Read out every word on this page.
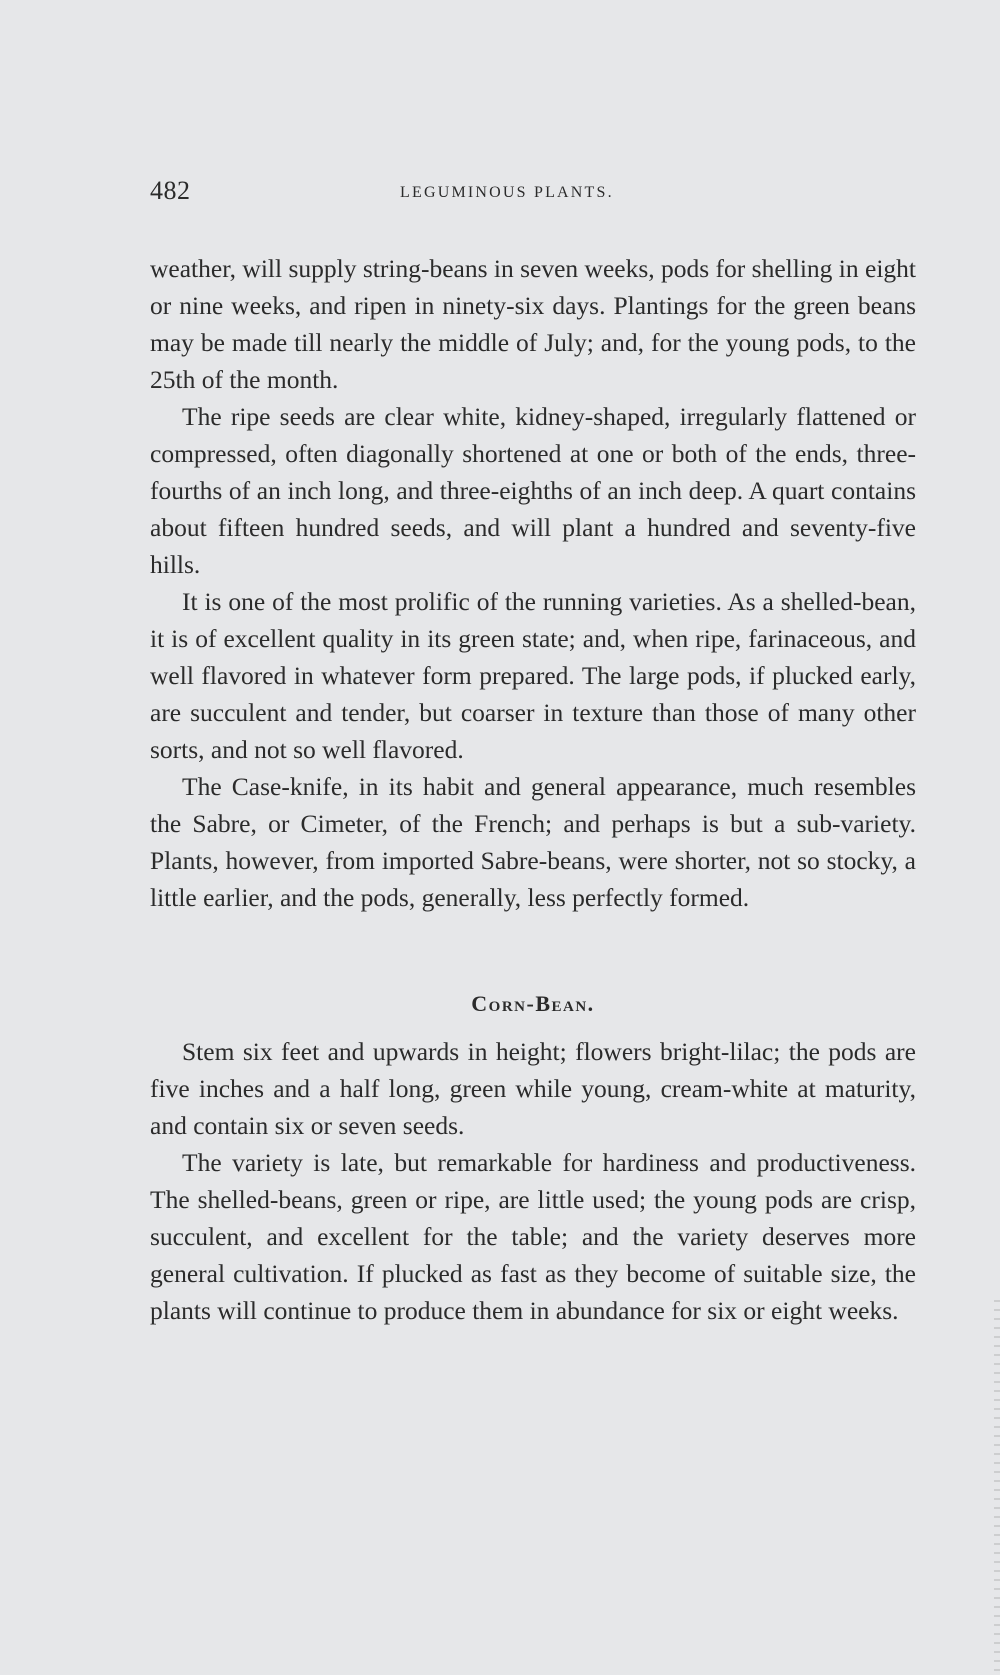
482	LEGUMINOUS PLANTS.

weather, will supply string-beans in seven weeks, pods for shelling in eight or nine weeks, and ripen in ninety-six days. Plantings for the green beans may be made till nearly the middle of July; and, for the young pods, to the 25th of the month.

The ripe seeds are clear white, kidney-shaped, irregularly flattened or compressed, often diagonally shortened at one or both of the ends, three-fourths of an inch long, and three-eighths of an inch deep. A quart contains about fifteen hundred seeds, and will plant a hundred and seventy-five hills.

It is one of the most prolific of the running varieties. As a shelled-bean, it is of excellent quality in its green state; and, when ripe, farinaceous, and well flavored in whatever form prepared. The large pods, if plucked early, are succulent and tender, but coarser in texture than those of many other sorts, and not so well flavored.

The Case-knife, in its habit and general appearance, much resembles the Sabre, or Cimeter, of the French; and perhaps is but a sub-variety. Plants, however, from imported Sabre-beans, were shorter, not so stocky, a little earlier, and the pods, generally, less perfectly formed.

Corn-Bean.

Stem six feet and upwards in height; flowers bright-lilac; the pods are five inches and a half long, green while young, cream-white at maturity, and contain six or seven seeds.

The variety is late, but remarkable for hardiness and productiveness. The shelled-beans, green or ripe, are little used; the young pods are crisp, succulent, and excellent for the table; and the variety deserves more general cultivation. If plucked as fast as they become of suitable size, the plants will continue to produce them in abundance for six or eight weeks.
